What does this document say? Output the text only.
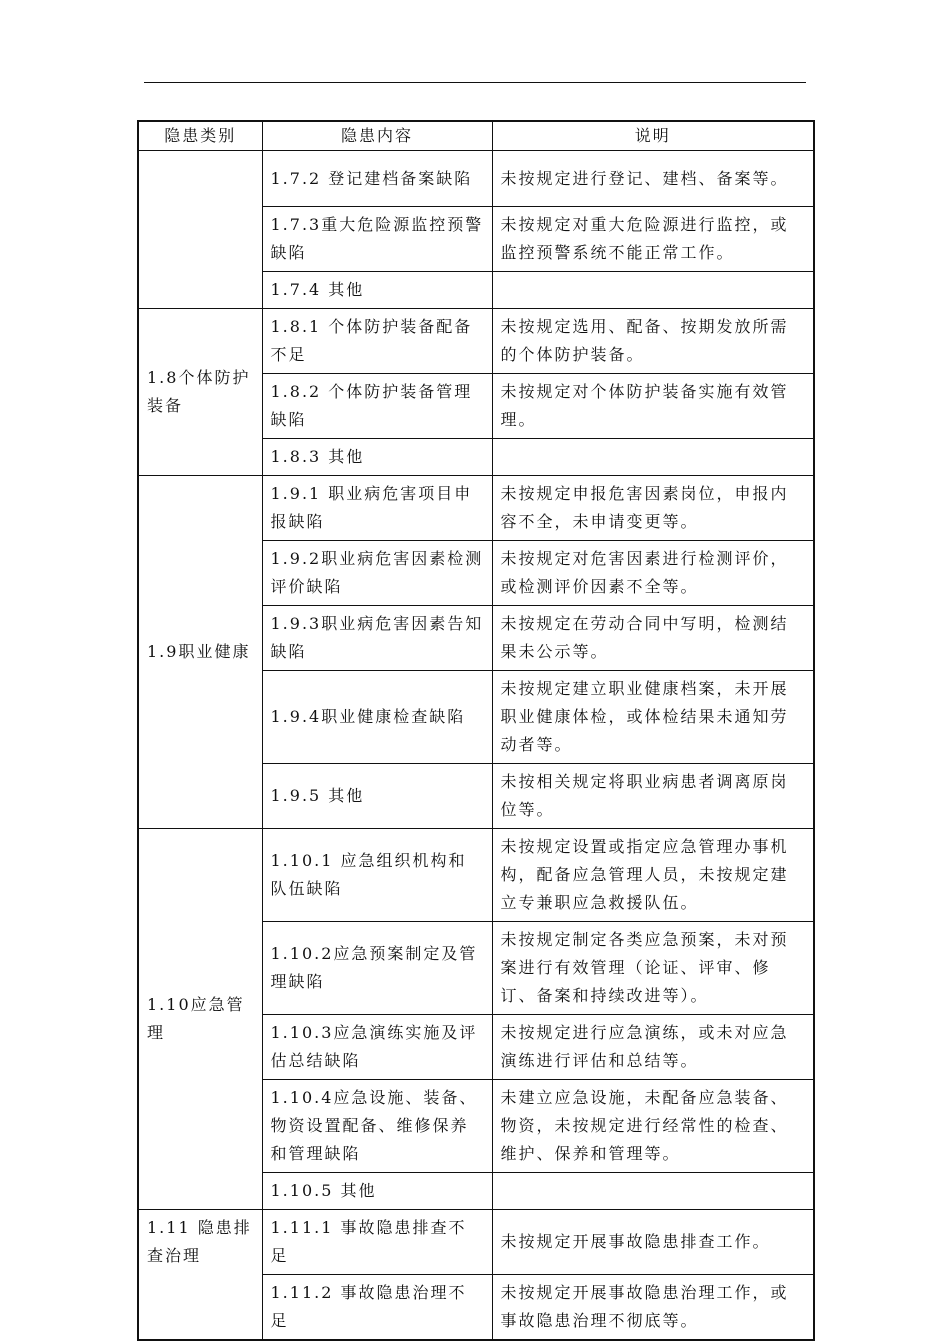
隐患类别	隐患内容	说明
	1.7.2 登记建档备案缺陷	未按规定进行登记、建档、备案等。
	1.7.3重大危险源监控预警缺陷	未按规定对重大危险源进行监控，或监控预警系统不能正常工作。
	1.7.4 其他	
1.8个体防护装备	1.8.1 个体防护装备配备不足	未按规定选用、配备、按期发放所需的个体防护装备。
	1.8.2 个体防护装备管理缺陷	未按规定对个体防护装备实施有效管理。
	1.8.3 其他	
1.9职业健康	1.9.1 职业病危害项目申报缺陷	未按规定申报危害因素岗位，申报内容不全，未申请变更等。
	1.9.2职业病危害因素检测评价缺陷	未按规定对危害因素进行检测评价，或检测评价因素不全等。
	1.9.3职业病危害因素告知缺陷	未按规定在劳动合同中写明，检测结果未公示等。
	1.9.4职业健康检查缺陷	未按规定建立职业健康档案，未开展职业健康体检，或体检结果未通知劳动者等。
	1.9.5 其他	未按相关规定将职业病患者调离原岗位等。
1.10应急管理	1.10.1 应急组织机构和队伍缺陷	未按规定设置或指定应急管理办事机构，配备应急管理人员，未按规定建立专兼职应急救援队伍。
	1.10.2应急预案制定及管理缺陷	未按规定制定各类应急预案，未对预案进行有效管理（论证、评审、修订、备案和持续改进等）。
	1.10.3应急演练实施及评估总结缺陷	未按规定进行应急演练，或未对应急演练进行评估和总结等。
	1.10.4应急设施、装备、物资设置配备、维修保养和管理缺陷	未建立应急设施，未配备应急装备、物资，未按规定进行经常性的检查、维护、保养和管理等。
	1.10.5 其他	
1.11 隐患排查治理	1.11.1 事故隐患排查不足	未按规定开展事故隐患排查工作。
	1.11.2 事故隐患治理不足	未按规定开展事故隐患治理工作，或事故隐患治理不彻底等。
